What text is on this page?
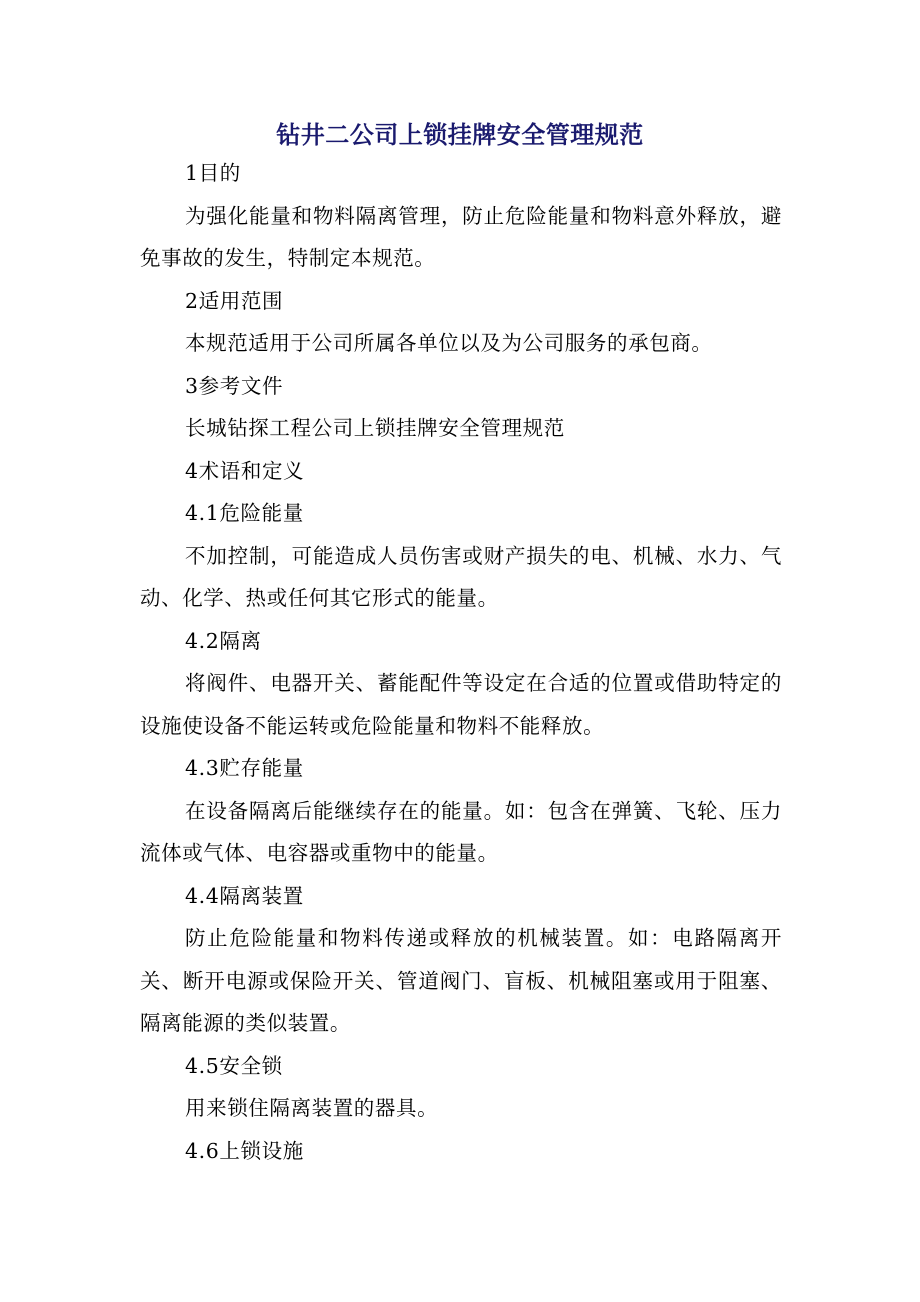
钻井二公司上锁挂牌安全管理规范

1目的

为强化能量和物料隔离管理，防止危险能量和物料意外释放，避免事故的发生，特制定本规范。

2适用范围

本规范适用于公司所属各单位以及为公司服务的承包商。

3参考文件

长城钻探工程公司上锁挂牌安全管理规范

4术语和定义

4.1危险能量

不加控制，可能造成人员伤害或财产损失的电、机械、水力、气动、化学、热或任何其它形式的能量。

4.2隔离

将阀件、电器开关、蓄能配件等设定在合适的位置或借助特定的设施使设备不能运转或危险能量和物料不能释放。

4.3贮存能量

在设备隔离后能继续存在的能量。如：包含在弹簧、飞轮、压力流体或气体、电容器或重物中的能量。

4.4隔离装置

防止危险能量和物料传递或释放的机械装置。如：电路隔离开关、断开电源或保险开关、管道阀门、盲板、机械阻塞或用于阻塞、隔离能源的类似装置。

4.5安全锁

用来锁住隔离装置的器具。

4.6上锁设施
